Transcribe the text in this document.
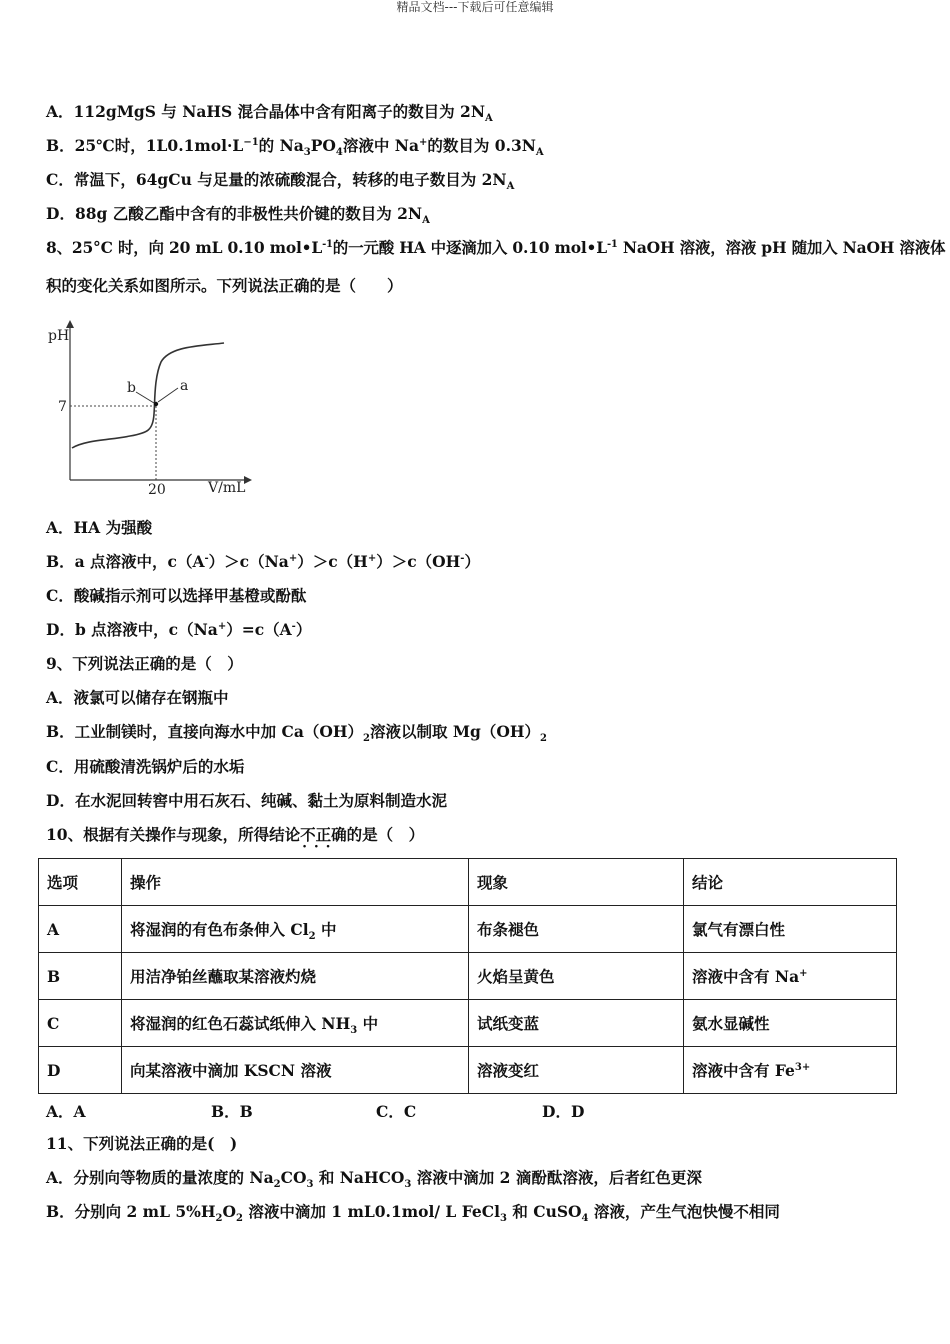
精品文档---下载后可任意编辑
A．112gMgS 与 NaHS 混合晶体中含有阳离子的数目为 $2N_A$
B．25℃时，$1L0.1mol\cdot L^{-1}$的 $Na_3PO_4$溶液中 Na+的数目为 $0.3N_A$
C．常温下，64gCu 与足量的浓硫酸混合，转移的电子数目为 $2N_A$
D．88g 乙酸乙酯中含有的非极性共价键的数目为 $2N_A$
8、25°C 时，向 20 mL 0.10 $mol•L^{-1}$的一元酸 HA 中逐滴加入 0.10 $mol•L^{-1}$ NaOH 溶液，溶液 pH 随加入 NaOH 溶液体
积的变化关系如图所示。下列说法正确的是（　　）
pH
7
b	a
20	V/mL
A．HA 为强酸
B．a 点溶液中，c（A-）＞c（Na+）＞c（H+）＞c（OH-）
C．酸碱指示剂可以选择甲基橙或酚酞
D．b 点溶液中，c（Na+）=c（A-）
9、下列说法正确的是（　）
A．液氯可以储存在钢瓶中
B．工业制镁时，直接向海水中加 $Ca(OH)_2$溶液以制取 $Mg(OH)_2$
C．用硫酸清洗锅炉后的水垢
D．在水泥回转窖中用石灰石、纯碱、黏土为原料制造水泥
10、根据有关操作与现象，所得结论不正确 · · ·的是（　）
选项	操作	现象	结论
A	将湿润的有色布条伸入 $Cl_2$ 中	布条褪色	氯气有漂白性
B	用洁净铂丝蘸取某溶液灼烧	火焰呈黄色	溶液中含有 Na+
C	将湿润的红色石蕊试纸伸入 $NH_3$ 中	试纸变蓝	氨水显碱性
D	向某溶液中滴加 KSCN 溶液	溶液变红	溶液中含有 $Fe^{3+}$
A．A	B．B	C．C	D．D
11、下列说法正确的是(　)
A．分别向等物质的量浓度的 $Na_2CO_3$ 和 NaHCO$_3$ 溶液中滴加 2 滴酚酞溶液，后者红色更深
B．分别向 2 mL $5\%H_2O_2$ 溶液中滴加 1 mL0.1mol/ L FeCl$_3$ 和 CuSO$_4$ 溶液，产生气泡快慢不相同
